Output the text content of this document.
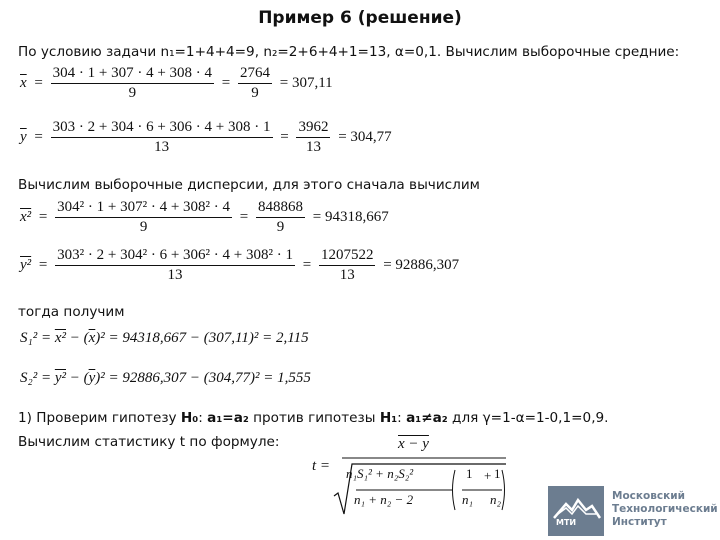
Пример 6 (решение)
По условию задачи n₁=1+4+4=9, n₂=2+6+4+1=13, α=0,1. Вычислим выборочные средние:
$\overline{x} = \frac{304 \cdot 1 + 307 \cdot 4 + 308 \cdot 4}{9} = \frac{2764}{9} = 307,11$
$\overline{y} = \frac{303 \cdot 2 + 304 \cdot 6 + 306 \cdot 4 + 308 \cdot 1}{13} = \frac{3962}{13} = 304,77$
Вычислим выборочные дисперсии, для этого сначала вычислим
$x^2 = \frac{\text{304² · 1 + 307² · 4 + 308² · 4}}{9} = \frac{848868}{9} = 94318,667$
$y^2 = \frac{\text{303² · 2 + 304² · 6 + 306² · 4 + 308² · 1}}{13} = \frac{1207522}{13} = 92886,307$
тогда получим
$S_1^2 = x^2 - (\overline{x})^2 = 94318,667 - (307,11)^2 = 2,115$
$S_2^2 = y^2 - (\overline{y})^2 = 92886,307 - (304,77)^2 = 1,555$
1) Проверим гипотезу H₀: a₁=a₂ против гипотезы H₁: a₁≠a₂ для γ=1-α=1-0,1=0,9.
Вычислим статистику t по формуле:
t =
x − y
n₁S₁² + n₂S₂²
n₁ + n₂ − 2
1 + 1
n₁ n₂
МТИ
Московский
Технологический
Институт
